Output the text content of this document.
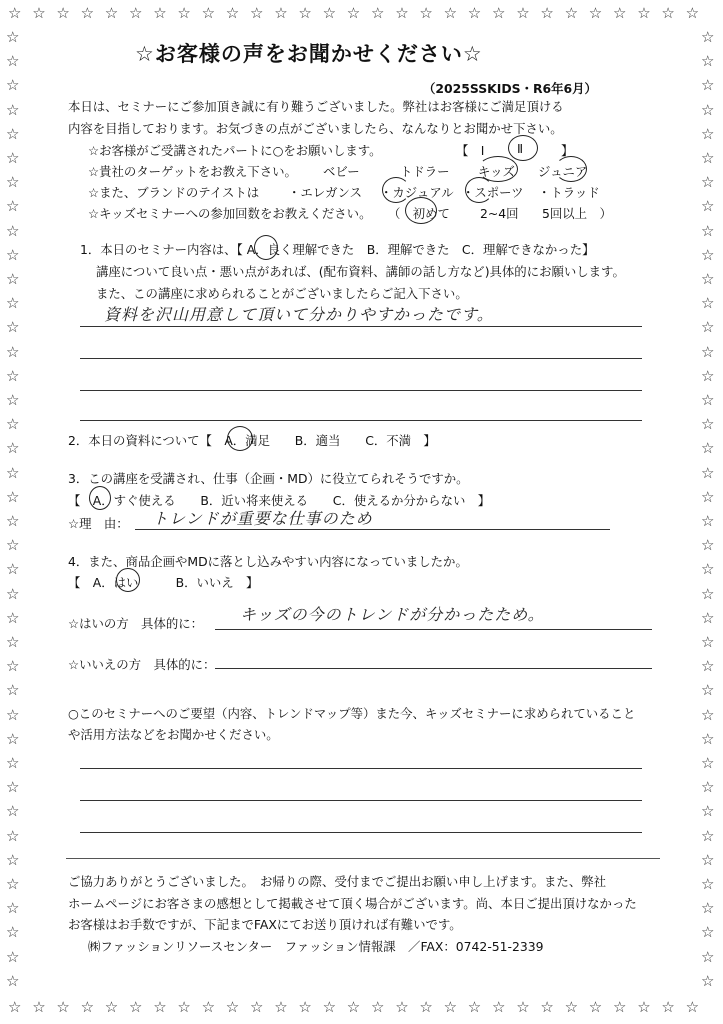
☆
☆
☆
☆
☆
☆
☆
☆
☆
☆
☆
☆
☆
☆
☆
☆
☆
☆
☆
☆
☆
☆
☆
☆
☆
☆
☆
☆
☆
☆
☆
☆
☆
☆
☆
☆
☆
☆
☆
☆
☆
☆
☆
☆
☆
☆
☆
☆
☆
☆
☆
☆
☆
☆
☆
☆
☆
☆
☆	☆
☆	☆
☆	☆
☆	☆
☆	☆
☆	☆
☆	☆
☆	☆
☆	☆
☆	☆
☆	☆
☆	☆
☆	☆
☆	☆
☆	☆
☆	☆
☆	☆
☆	☆
☆	☆
☆	☆
☆	☆
☆	☆
☆	☆
☆	☆
☆	☆
☆	☆
☆	☆
☆	☆
☆	☆
☆	☆
☆	☆
☆	☆
☆	☆
☆	☆
☆	☆
☆	☆
☆	☆
☆	☆
☆	☆
☆	☆
☆お客様の声をお聞かせください☆
（2025SSKIDS・R6年6月）
本日は、セミナーにご参加頂き誠に有り難うございました。弊社はお客様にご満足頂ける
内容を目指しております。お気づきの点がございましたら、なんなりとお聞かせ下さい。
☆お客様がご受講されたパートに○をお願いします。	【　Ⅰ	Ⅱ	】
☆貴社のターゲットをお教え下さい。 ベビー	トドラー キッズ ジュニア
☆また、ブランドのテイストは ・エレガンス ・カジュアル ・スポーツ ・トラッド
☆キッズセミナーへの参加回数をお教えください。 （　初めて 2~4回 5回以上　）
1．本日のセミナー内容は、【 A．良く理解できた　B．理解できた　C．理解できなかった】
講座について良い点・悪い点があれば、(配布資料、講師の話し方など)具体的にお願いします。
また、この講座に求められることがございましたらご記入下さい。
資料を沢山用意して頂いて分かりやすかったです。
2．本日の資料について【　A．満足　　B．適当　　C．不満　】
3．この講座を受講され、仕事（企画・MD）に役立てられそうですか。
【　A．すぐ使える　　B．近い将来使える　　C．使えるか分からない　】
☆理　由： トレンドが重要な仕事のため
4．また、商品企画やMDに落とし込みやすい内容になっていましたか。
【　A．はい　　　B．いいえ　】
☆はいの方　具体的に： キッズの今のトレンドが分かったため。
☆いいえの方　具体的に：
○このセミナーへのご要望（内容、トレンドマップ等）また今、キッズセミナーに求められていること
や活用方法などをお聞かせください。
ご協力ありがとうございました。　お帰りの際、受付までご提出お願い申し上げます。また、弊社
ホームページにお客さまの感想として掲載させて頂く場合がございます。尚、本日ご提出頂けなかった
お客様はお手数ですが、下記までFAXにてお送り頂ければ有難いです。
㈱ファッションリソースセンター　ファッション情報課　／FAX：0742-51-2339
